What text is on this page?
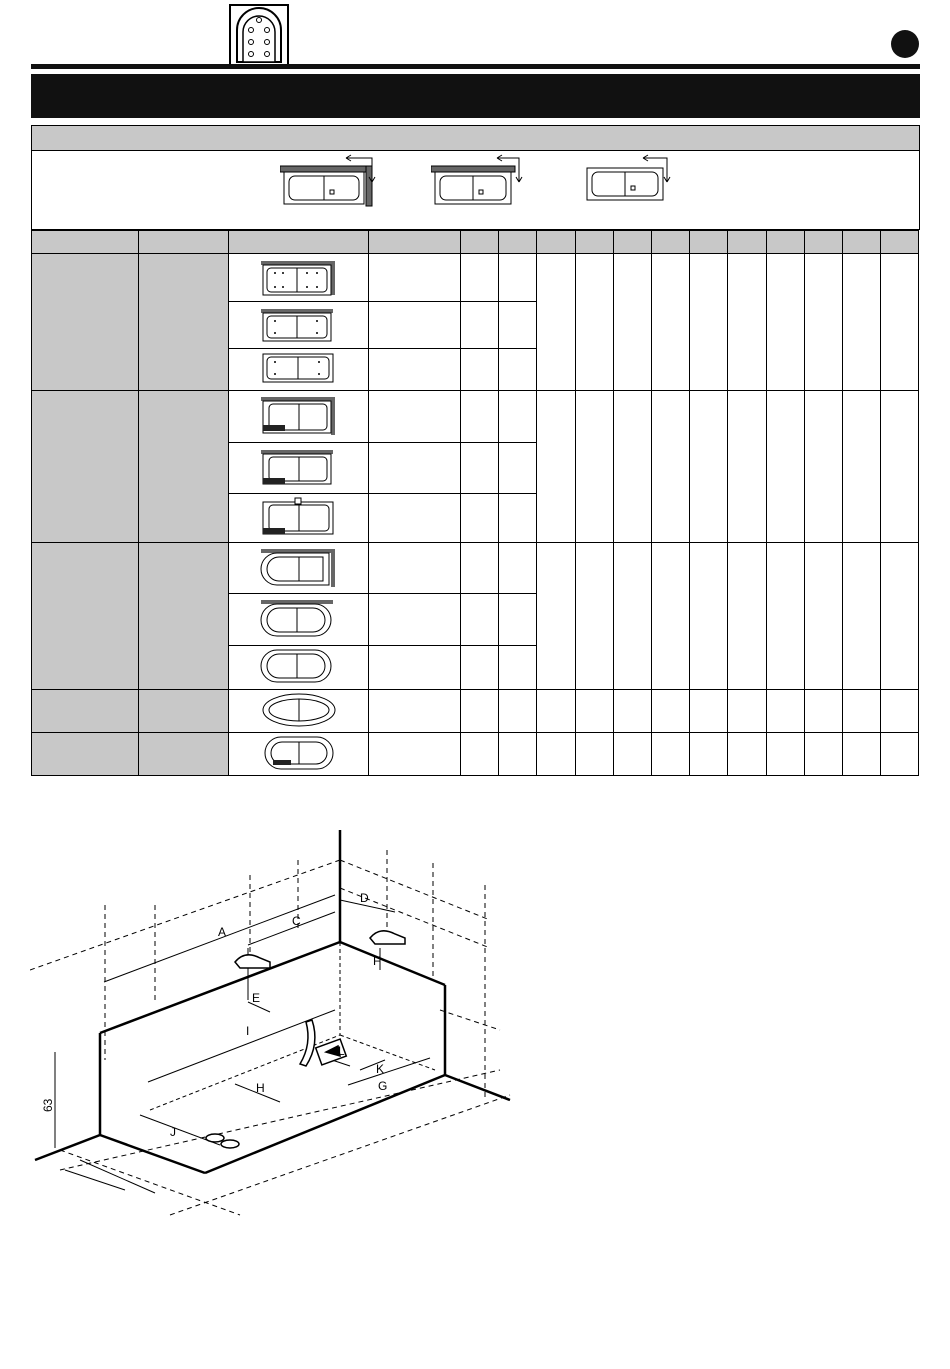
A
C
D
E
F
G
H
I
J
K
L
63
